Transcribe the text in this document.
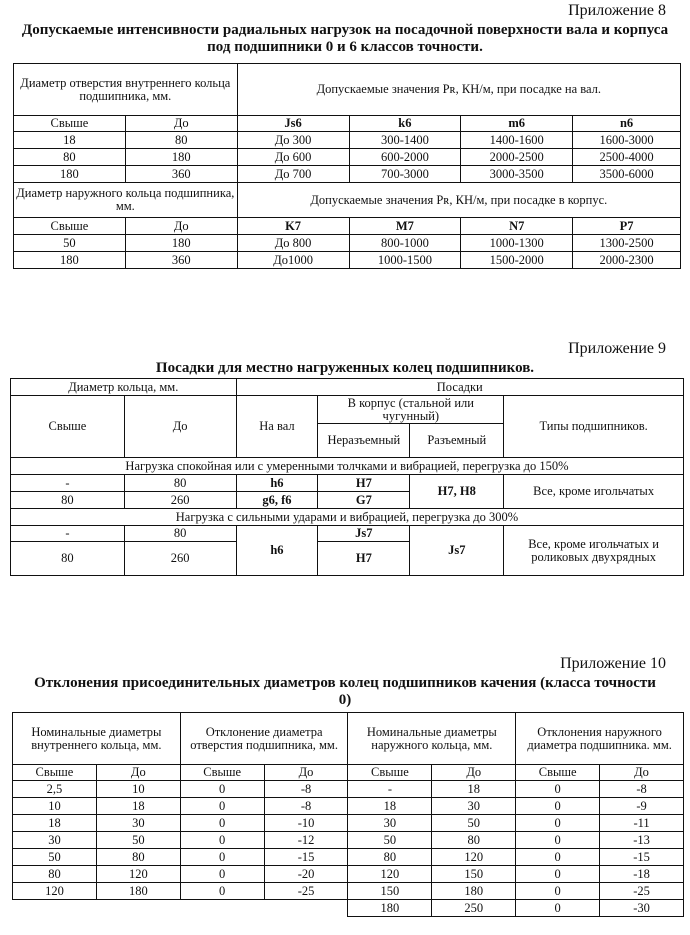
Приложение 8
Допускаемые интенсивности радиальных нагрузок на посадочной поверхности вала и корпуса под подшипники 0 и 6 классов точности.
Диаметр отверстия внутреннего кольца подшипника, мм.		Допускаемые значения Pʀ, КН/м, при посадке на вал.			
Свыше	До	Js6	k6	m6	n6
18	80	До 300	300-1400	1400-1600	1600-3000
80	180	До 600	600-2000	2000-2500	2500-4000
180	360	До 700	700-3000	3000-3500	3500-6000
Диаметр наружного кольца подшипника, мм.		Допускаемые значения Pʀ, КН/м, при посадке в корпус.			
Свыше	До	K7	M7	N7	P7
50	180	До 800	800-1000	1000-1300	1300-2500
180	360	До1000	1000-1500	1500-2000	2000-2300
Приложение 9
Посадки для местно нагруженных колец подшипников.
Диаметр кольца, мм.		Посадки			
Свыше	До	На вал	В корпус (стальной или чугунный)		Типы подшипников.
			Неразъемный	Разъемный	
Нагрузка спокойная или с умеренными толчками и вибрацией, перегрузка до 150%					
-	80	h6	H7	H7, H8	Все, кроме игольчатых
80	260	g6, f6	G7		
Нагрузка с сильными ударами и вибрацией, перегрузка до 300%					
-	80	h6	Js7	Js7	Все, кроме игольчатых и роликовых двухрядных
80	260		H7		
Приложение 10
Отклонения присоединительных диаметров колец подшипников качения (класса точности 0)
Номинальные диаметры внутреннего кольца, мм.		Отклонение диаметра отверстия подшипника, мм.		Номинальные диаметры наружного кольца, мм.		Отклонения наружного диаметра подшипника. мм.	
Свыше	До	Свыше	До	Свыше	До	Свыше	До
2,5	10	0	-8	-	18	0	-8
10	18	0	-8	18	30	0	-9
18	30	0	-10	30	50	0	-11
30	50	0	-12	50	80	0	-13
50	80	0	-15	80	120	0	-15
80	120	0	-20	120	150	0	-18
120	180	0	-25	150	180	0	-25
				180	250	0	-30
